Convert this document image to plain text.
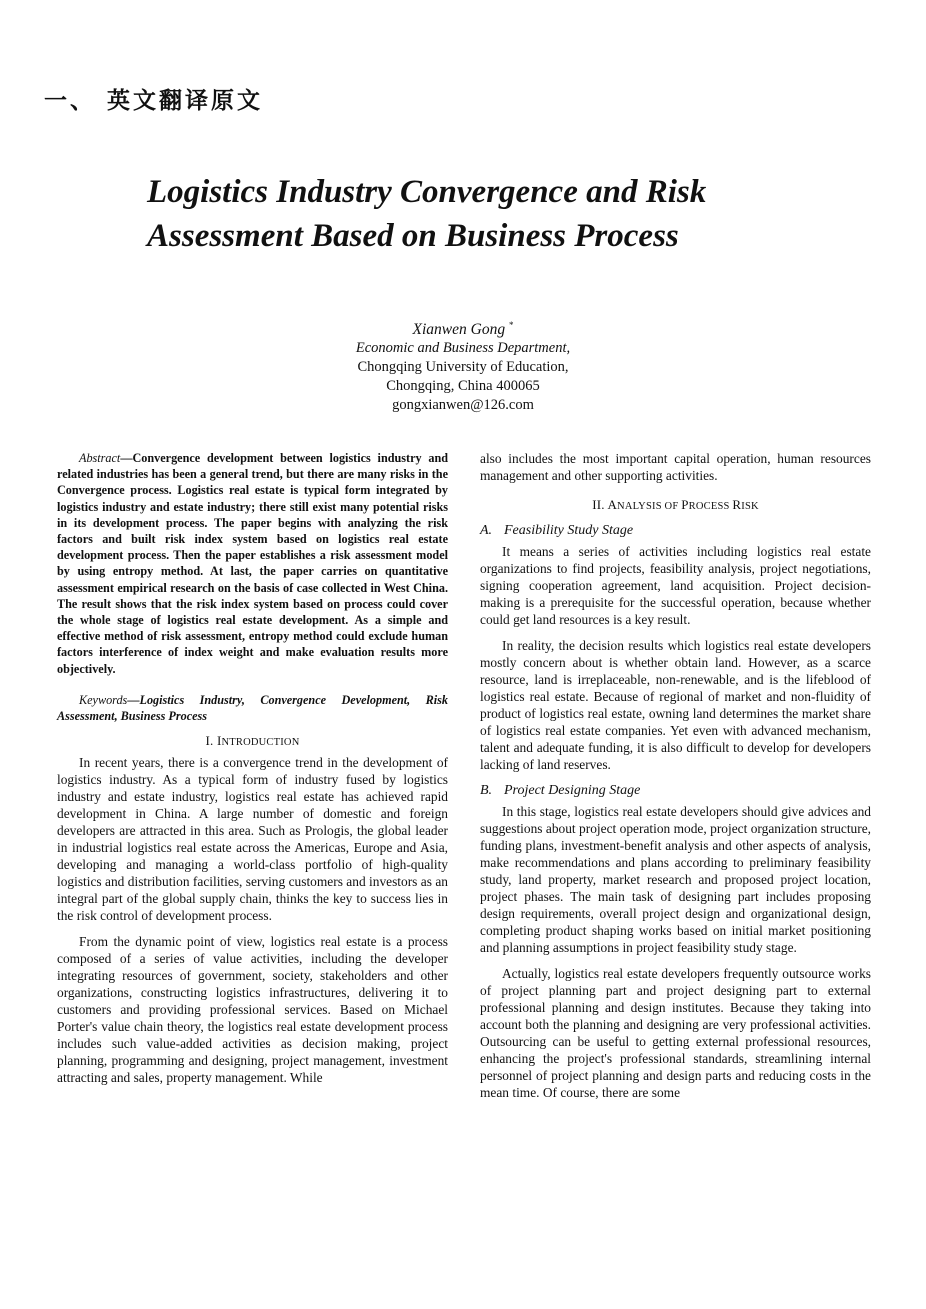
一、 英文翻译原文
Logistics Industry Convergence and Risk
Assessment Based on Business Process
Xianwen Gong *
Economic and Business Department,
Chongqing University of Education,
Chongqing, China 400065
gongxianwen@126.com

Abstract—Convergence development between logistics industry and related industries has been a general trend, but there are many risks in the Convergence process. Logistics real estate is typical form integrated by logistics industry and estate industry; there still exist many potential risks in its development process. The paper begins with analyzing the risk factors and built risk index system based on logistics real estate development process. Then the paper establishes a risk assessment model by using entropy method. At last, the paper carries on quantitative assessment empirical research on the basis of case collected in West China. The result shows that the risk index system based on process could cover the whole stage of logistics real estate development. As a simple and effective method of risk assessment, entropy method could exclude human factors interference of index weight and make evaluation results more objectively.

Keywords—Logistics Industry, Convergence Development, Risk Assessment, Business Process

I. INTRODUCTION

In recent years, there is a convergence trend in the development of logistics industry. As a typical form of industry fused by logistics industry and estate industry, logistics real estate has achieved rapid development in China. A large number of domestic and foreign developers are attracted in this area. Such as Prologis, the global leader in industrial logistics real estate across the Americas, Europe and Asia, developing and managing a world-class portfolio of high-quality logistics and distribution facilities, serving customers and investors as an integral part of the global supply chain, thinks the key to success lies in the risk control of development process.

From the dynamic point of view, logistics real estate is a process composed of a series of value activities, including the developer integrating resources of government, society, stakeholders and other organizations, constructing logistics infrastructures, delivering it to customers and providing professional services. Based on Michael Porter's value chain theory, the logistics real estate development process includes such value-added activities as decision making, project planning, programming and designing, project management, investment attracting and sales, property management. While

also includes the most important capital operation, human resources management and other supporting activities.

II. ANALYSIS OF PROCESS RISK
A. Feasibility Study Stage

It means a series of activities including logistics real estate organizations to find projects, feasibility analysis, project negotiations, signing cooperation agreement, land acquisition. Project decision-making is a prerequisite for the successful operation, because whether could get land resources is a key result.

In reality, the decision results which logistics real estate developers mostly concern about is whether obtain land. However, as a scarce resource, land is irreplaceable, non-renewable, and is the lifeblood of logistics real estate. Because of regional of market and non-fluidity of product of logistics real estate, owning land determines the market share of logistics real estate companies. Yet even with advanced mechanism, talent and adequate funding, it is also difficult to develop for developers lacking of land reserves.

B. Project Designing Stage

In this stage, logistics real estate developers should give advices and suggestions about project operation mode, project organization structure, funding plans, investment-benefit analysis and other aspects of analysis, make recommendations and plans according to preliminary feasibility study, land property, market research and proposed project location, project phases. The main task of designing part includes proposing design requirements, overall project design and organizational design, completing product shaping works based on initial market positioning and planning assumptions in project feasibility study stage.

Actually, logistics real estate developers frequently outsource works of project planning part and project designing part to external professional planning and design institutes. Because they taking into account both the planning and designing are very professional activities. Outsourcing can be useful to getting external professional resources,　enhancing the project's professional standards, streamlining internal personnel of project planning and design parts and reducing costs in the mean time. Of course, there are some
